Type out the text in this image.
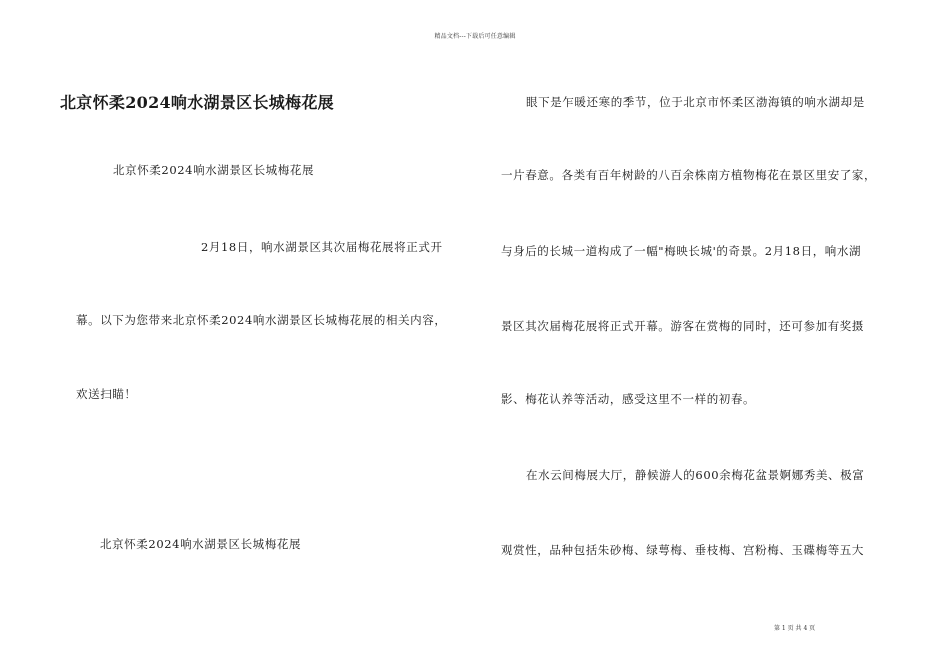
精品文档---下载后可任意编辑
北京怀柔2024响水湖景区长城梅花展
北京怀柔2024响水湖景区长城梅花展
2月18日，响水湖景区其次届梅花展将正式开
幕。以下为您带来北京怀柔2024响水湖景区长城梅花展的相关内容，
欢送扫瞄！
北京怀柔2024响水湖景区长城梅花展
眼下是乍暖还寒的季节，位于北京市怀柔区渤海镇的响水湖却是
一片春意。各类有百年树龄的八百余株南方植物梅花在景区里安了家，
与身后的长城一道构成了一幅"梅映长城'的奇景。2月18日，响水湖
景区其次届梅花展将正式开幕。游客在赏梅的同时，还可参加有奖摄
影、梅花认养等活动，感受这里不一样的初春。
在水云间梅展大厅，静候游人的600余梅花盆景婀娜秀美、极富
观赏性，品种包括朱砂梅、绿萼梅、垂枝梅、宫粉梅、玉碟梅等五大
第 1 页 共 4 页
